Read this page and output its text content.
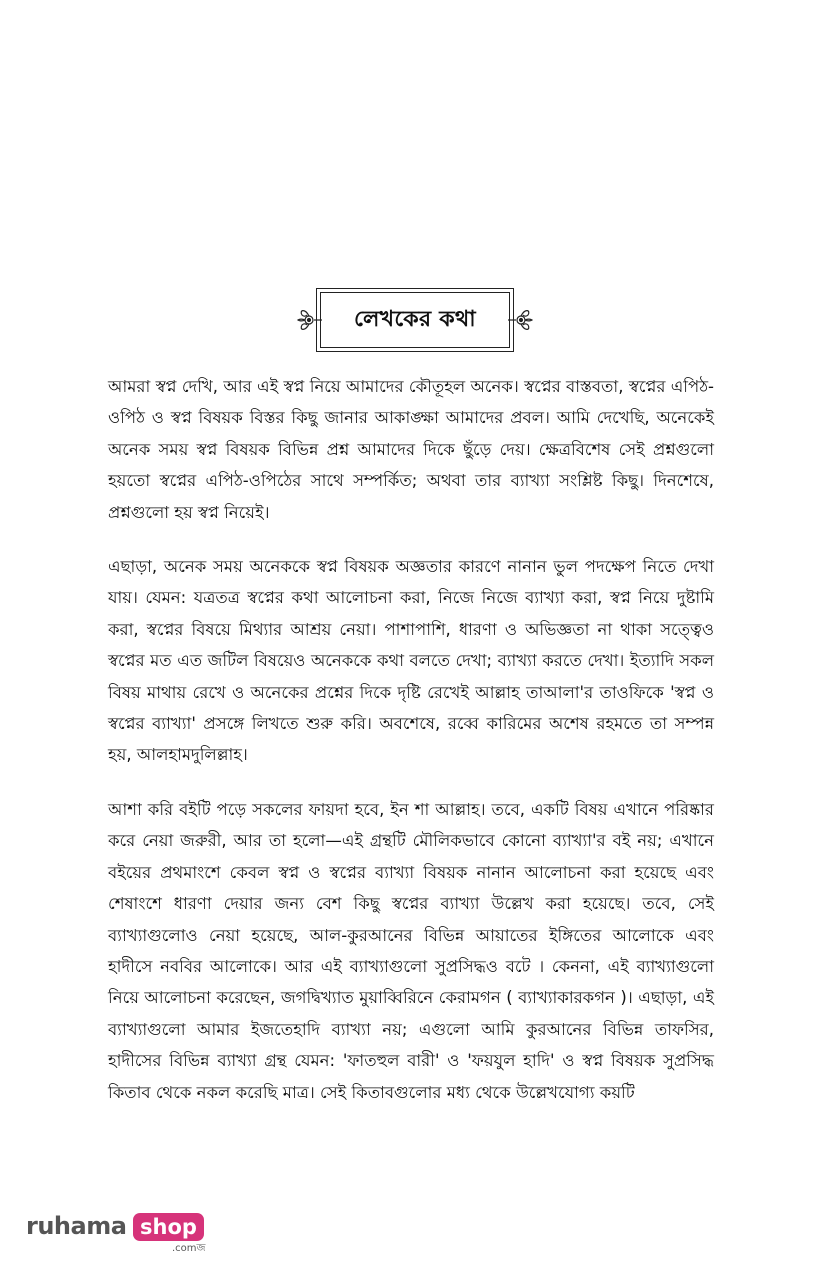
লেখকের কথা

আমরা স্বপ্ন দেখি, আর এই স্বপ্ন নিয়ে আমাদের কৌতূহল অনেক। স্বপ্নের বাস্তবতা, স্বপ্নের এপিঠ-ওপিঠ ও স্বপ্ন বিষয়ক বিস্তর কিছু জানার আকাঙ্ক্ষা আমাদের প্রবল। আমি দেখেছি, অনেকেই অনেক সময় স্বপ্ন বিষয়ক বিভিন্ন প্রশ্ন আমাদের দিকে ছুঁড়ে দেয়। ক্ষেত্রবিশেষ সেই প্রশ্নগুলো হয়তো স্বপ্নের এপিঠ-ওপিঠের সাথে সম্পর্কিত; অথবা তার ব্যাখ্যা সংশ্লিষ্ট কিছু। দিনশেষে, প্রশ্নগুলো হয় স্বপ্ন নিয়েই।

এছাড়া, অনেক সময় অনেককে স্বপ্ন বিষয়ক অজ্ঞতার কারণে নানান ভুল পদক্ষেপ নিতে দেখা যায়। যেমন: যত্রতত্র স্বপ্নের কথা আলোচনা করা, নিজে নিজে ব্যাখ্যা করা, স্বপ্ন নিয়ে দুষ্টামি করা, স্বপ্নের বিষয়ে মিথ্যার আশ্রয় নেয়া। পাশাপাশি, ধারণা ও অভিজ্ঞতা না থাকা সত্ত্বেও স্বপ্নের মত এত জটিল বিষয়েও অনেককে কথা বলতে দেখা; ব্যাখ্যা করতে দেখা। ইত্যাদি সকল বিষয় মাথায় রেখে ও অনেকের প্রশ্নের দিকে দৃষ্টি রেখেই আল্লাহ তাআলা'র তাওফিকে 'স্বপ্ন ও স্বপ্নের ব্যাখ্যা' প্রসঙ্গে লিখতে শুরু করি। অবশেষে, রব্বে কারিমের অশেষ রহমতে তা সম্পন্ন হয়, আলহামদুলিল্লাহ।

আশা করি বইটি পড়ে সকলের ফায়দা হবে, ইন শা আল্লাহ। তবে, একটি বিষয় এখানে পরিষ্কার করে নেয়া জরুরী, আর তা হলো—এই গ্রন্থটি মৌলিকভাবে কোনো ব্যাখ্যা'র বই নয়; এখানে বইয়ের প্রথমাংশে কেবল স্বপ্ন ও স্বপ্নের ব্যাখ্যা বিষয়ক নানান আলোচনা করা হয়েছে এবং শেষাংশে ধারণা দেয়ার জন্য বেশ কিছু স্বপ্নের ব্যাখ্যা উল্লেখ করা হয়েছে। তবে, সেই ব্যাখ্যাগুলোও নেয়া হয়েছে, আল-কুরআনের বিভিন্ন আয়াতের ইঙ্গিতের আলোকে এবং হাদীসে নববির আলোকে। আর এই ব্যাখ্যাগুলো সুপ্রসিদ্ধও বটে । কেননা, এই ব্যাখ্যাগুলো নিয়ে আলোচনা করেছেন, জগদ্বিখ্যাত মুয়াব্বিরিনে কেরামগন ( ব্যাখ্যাকারকগন )। এছাড়া, এই ব্যাখ্যাগুলো আমার ইজতেহাদি ব্যাখ্যা নয়; এগুলো আমি কুরআনের বিভিন্ন তাফসির, হাদীসের বিভিন্ন ব্যাখ্যা গ্রন্থ যেমন: 'ফাতহুল বারী' ও 'ফয়যুল হাদি' ও স্বপ্ন বিষয়ক সুপ্রসিদ্ধ কিতাব থেকে নকল করেছি মাত্র। সেই কিতাবগুলোর মধ্য থেকে উল্লেখযোগ্য কয়টি

ruhama shop
.comজ
